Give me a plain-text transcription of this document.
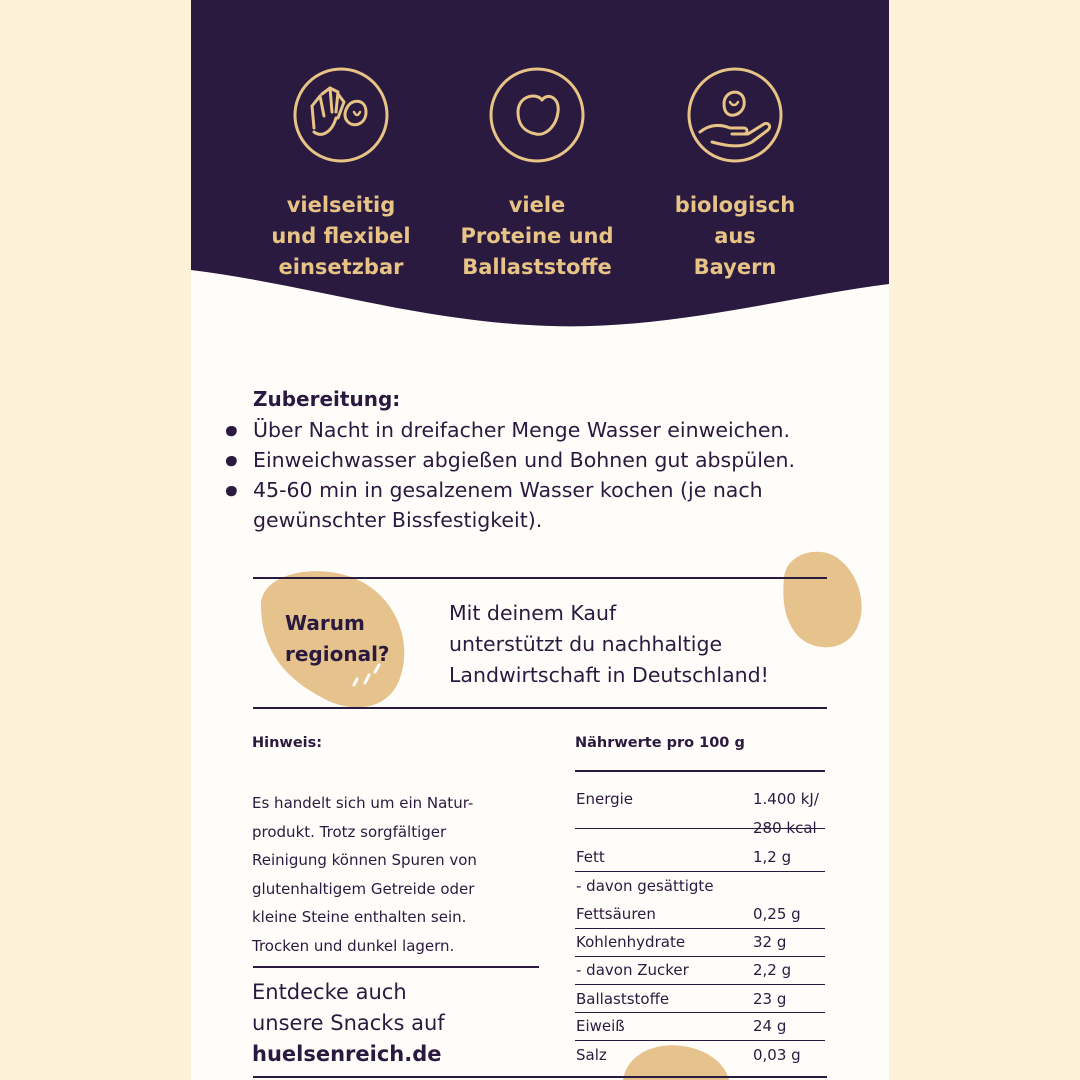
vielseitig
und flexibel
einsetzbar
viele
Proteine und
Ballaststoffe
biologisch
aus
Bayern
Zubereitung:
Über Nacht in dreifacher Menge Wasser einweichen.
Einweichwasser abgießen und Bohnen gut abspülen.
45-60 min in gesalzenem Wasser kochen (je nach gewünschter Bissfestigkeit).
Warum
regional?
Mit deinem Kauf
unterstützt du nachhaltige
Landwirtschaft in Deutschland!
Hinweis:
Es handelt sich um ein Natur-
produkt. Trotz sorgfältiger
Reinigung können Spuren von
glutenhaltigem Getreide oder
kleine Steine enthalten sein.
Trocken und dunkel lagern.
Entdecke auch
unsere Snacks auf
huelsenreich.de
Nährwerte pro 100 g
Energie	1.400 kJ/
280 kcal
Fett	1,2 g
- davon gesättigte
Fettsäuren	0,25 g
Kohlenhydrate	32 g
- davon Zucker	2,2 g
Ballaststoffe	23 g
Eiweiß	24 g
Salz	0,03 g
